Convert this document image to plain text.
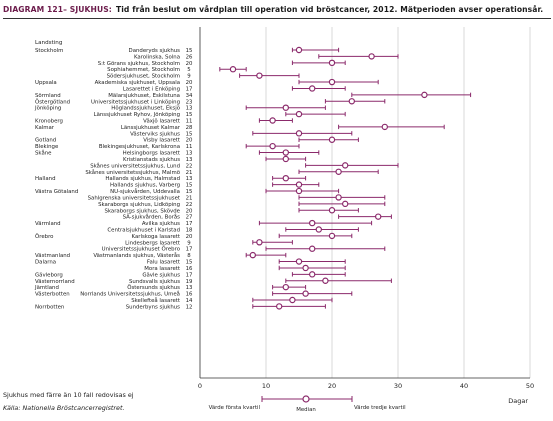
DIAGRAM 121– SJUKHUS: Tid från beslut om vårdplan till operation vid bröstcancer, 2012. Mätperioden avser operationsår.
0	10	20	30	40	50
Dagar
Landsting
Stockholm	Danderyds sjukhus 15
Karolinska, Solna 26
S:t Görans sjukhus, Stockholm 20
Sophiahemmet, Stockholm 5
Södersjukhuset, Stockholm 9
Uppsala	Akademiska sjukhuset, Uppsala 20
Lasarettet i Enköping 17
Sörmland	Mälarsjukhuset, Eskilstuna 34
Östergötland	Universitetssjukhuset i Linköping 23
Jönköping	Höglandssjukhuset, Eksjö 13
Länssjukhuset Ryhov, Jönköping 15
Kronoberg	Växjö lasarett 11
Kalmar	Länssjukhuset Kalmar 28
Västerviks sjukhus 15
Gotland	Visby lasarett 20
Blekinge	Blekingesjukhuset, Karlskrona 11
Skåne	Helsingborgs lasarett 13
Kristianstads sjukhus 13
Skånes universitetssjukhus, Lund 22
Skånes universitetssjukhus, Malmö 21
Halland	Hallands sjukhus, Halmstad 13
Hallands sjukhus, Varberg 15
Västra Götaland	NU-sjukvården, Uddevalla 15
Sahlgrenska universitetssjukhuset 21
Skaraborgs sjukhus, Lidköping 22
Skaraborgs sjukhus, Skövde 20
SÄ-sjukvården, Borås 27
Värmland	Avilka sjukhus 17
Centralsjukhuset i Karlstad 18
Örebro	Karlskoga lasarett 20
Lindesbergs lasarett 9
Universitetssjukhuset Örebro 17
Västmanland	Västmanlands sjukhus, Västerås 8
Dalarna	Falu lasarett 15
Mora lasarett 16
Gävleborg	Gävle sjukhus 17
Västernorrland	Sundsvalls sjukhus 19
Jämtland	Östersunds sjukhus 13
Västerbotten Norrlands Universitetssjukhus, Umeå 16
Skellefteå lasarett 14
Norrbotten	Sunderbyns sjukhus 12
Värde första kvartil	Median	Värde tredje kvartil
Sjukhus med färre än 10 fall redovisas ej
Källa: Nationella Bröstcancerregistret.
